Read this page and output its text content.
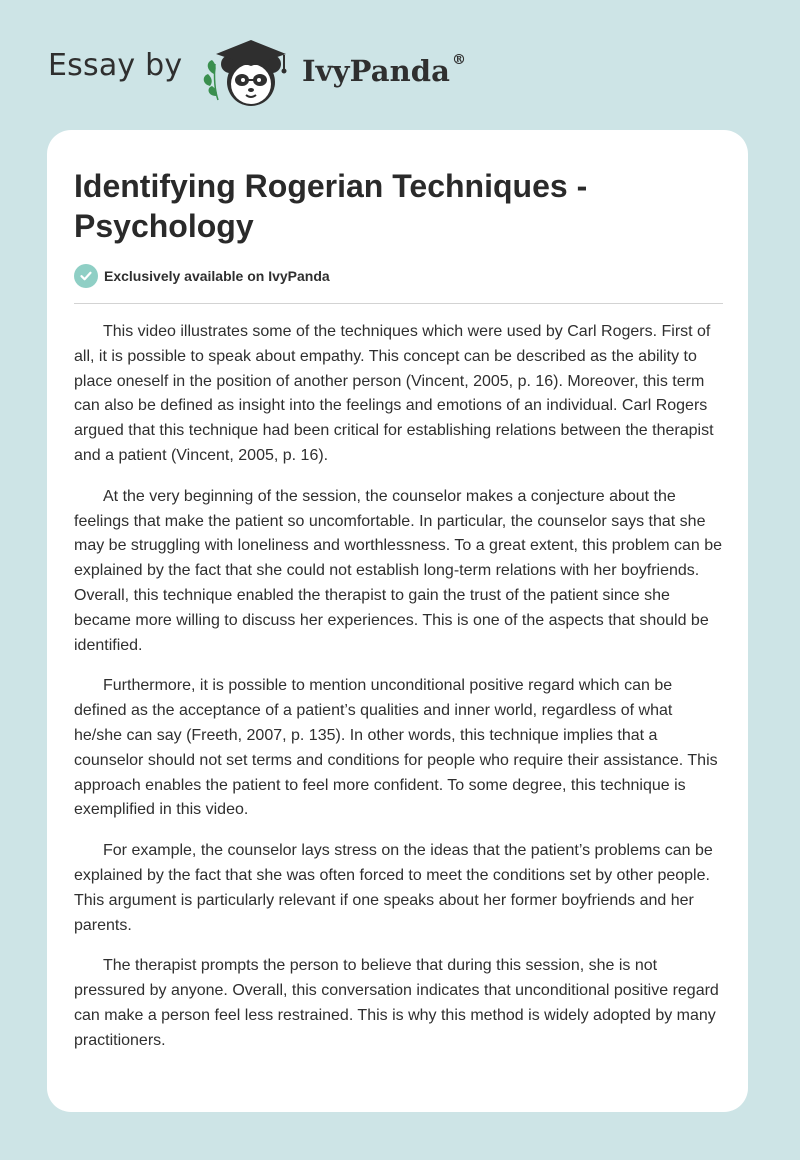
Essay by	IvyPanda ®
Identifying Rogerian Techniques - Psychology
Exclusively available on IvyPanda

This video illustrates some of the techniques which were used by Carl Rogers. First of all, it is possible to speak about empathy. This concept can be described as the ability to place oneself in the position of another person (Vincent, 2005, p. 16). Moreover, this term can also be defined as insight into the feelings and emotions of an individual. Carl Rogers argued that this technique had been critical for establishing relations between the therapist and a patient (Vincent, 2005, p. 16).

At the very beginning of the session, the counselor makes a conjecture about the feelings that make the patient so uncomfortable. In particular, the counselor says that she may be struggling with loneliness and worthlessness. To a great extent, this problem can be explained by the fact that she could not establish long-term relations with her boyfriends. Overall, this technique enabled the therapist to gain the trust of the patient since she became more willing to discuss her experiences. This is one of the aspects that should be identified.

Furthermore, it is possible to mention unconditional positive regard which can be defined as the acceptance of a patient’s qualities and inner world, regardless of what he/she can say (Freeth, 2007, p. 135). In other words, this technique implies that a counselor should not set terms and conditions for people who require their assistance. This approach enables the patient to feel more confident. To some degree, this technique is exemplified in this video.

For example, the counselor lays stress on the ideas that the patient’s problems can be explained by the fact that she was often forced to meet the conditions set by other people. This argument is particularly relevant if one speaks about her former boyfriends and her parents.

The therapist prompts the person to believe that during this session, she is not pressured by anyone. Overall, this conversation indicates that unconditional positive regard can make a person feel less restrained. This is why this method is widely adopted by many practitioners.
